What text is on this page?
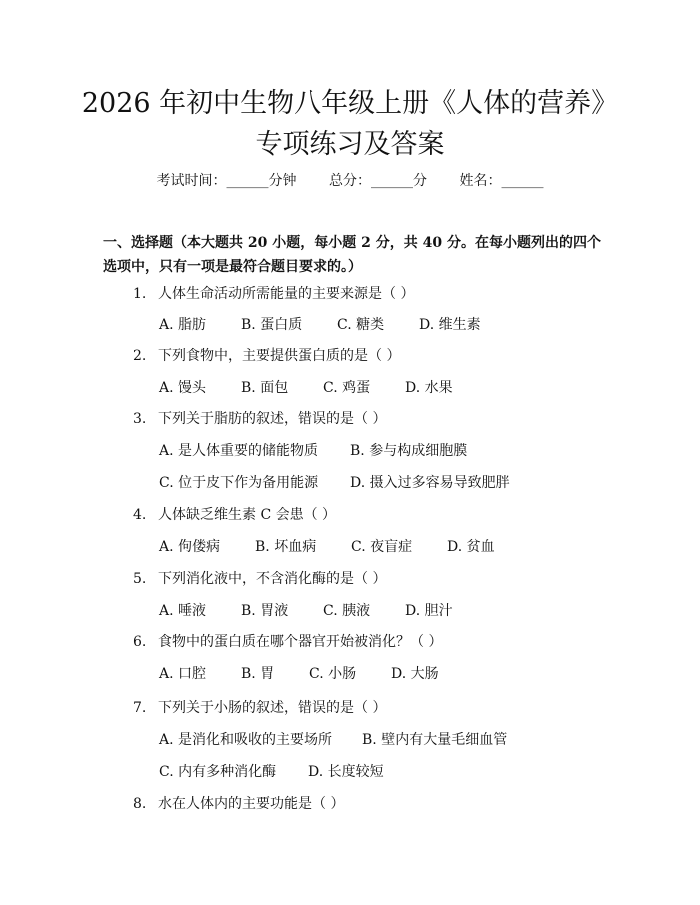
2026 年初中生物八年级上册《人体的营养》
专项练习及答案
考试时间：______分钟 总分：______分 姓名：______
一、选择题（本大题共 20 小题，每小题 2 分，共 40 分。在每小题列出的四个选项中，只有一项是最符合题目要求的。）
1. 人体生命活动所需能量的主要来源是（ ）
A. 脂肪 B. 蛋白质 C. 糖类 D. 维生素
2. 下列食物中，主要提供蛋白质的是（ ）
A. 馒头 B. 面包 C. 鸡蛋 D. 水果
3. 下列关于脂肪的叙述，错误的是（ ）
A. 是人体重要的储能物质 B. 参与构成细胞膜
C. 位于皮下作为备用能源 D. 摄入过多容易导致肥胖
4. 人体缺乏维生素 C 会患（ ）
A. 佝偻病 B. 坏血病 C. 夜盲症 D. 贫血
5. 下列消化液中，不含消化酶的是（ ）
A. 唾液 B. 胃液 C. 胰液 D. 胆汁
6. 食物中的蛋白质在哪个器官开始被消化？（ ）
A. 口腔 B. 胃 C. 小肠 D. 大肠
7. 下列关于小肠的叙述，错误的是（ ）
A. 是消化和吸收的主要场所 B. 壁内有大量毛细血管
C. 内有多种消化酶 D. 长度较短
8. 水在人体内的主要功能是（ ）
